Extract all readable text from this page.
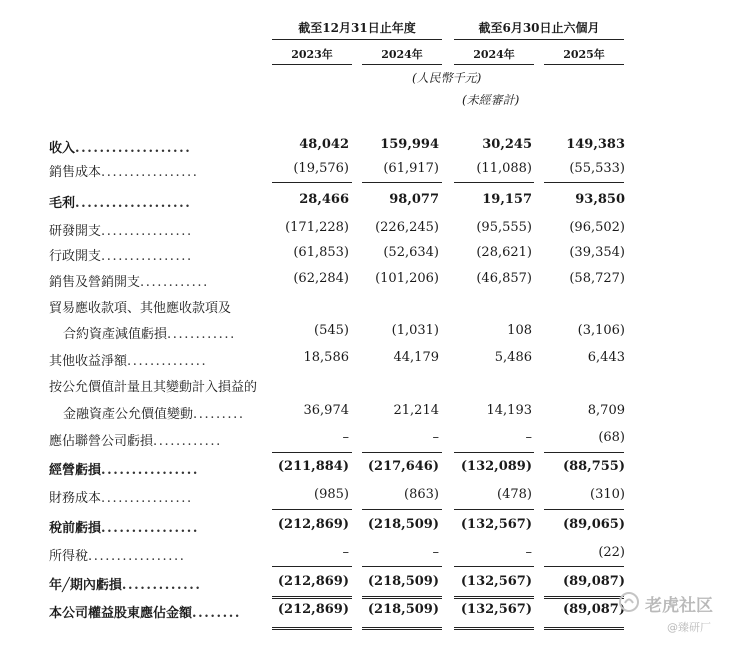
截至12月31日止年度	截至6月30日止六個月
2023年	2024年	2024年	2025年
(人民幣千元)
(未經審計)
收入...................	48,042	159,994	30,245	149,383
銷售成本.................	(19,576)	(61,917)	(11,088)	(55,533)
毛利...................	28,466	98,077	19,157	93,850
研發開支................	(171,228)	(226,245)	(95,555)	(96,502)
行政開支................	(61,853)	(52,634)	(28,621)	(39,354)
銷售及營銷開支............	(62,284)	(101,206)	(46,857)	(58,727)
貿易應收款項、其他應收款項及
合約資產減值虧損............	(545)	(1,031)	108	(3,106)
其他收益淨額..............	18,586	44,179	5,486	6,443
按公允價值計量且其變動計入損益的
金融資產公允價值變動.........	36,974	21,214	14,193	8,709
應佔聯營公司虧損............	–	–	–	(68)
經營虧損................	(211,884)	(217,646)	(132,089)	(88,755)
財務成本................	(985)	(863)	(478)	(310)
稅前虧損................	(212,869)	(218,509)	(132,567)	(89,065)
所得稅.................	–	–	–	(22)
年╱期內虧損.............	(212,869)	(218,509)	(132,567)	(89,087)
本公司權益股東應佔金額........	(212,869)	(218,509)	(132,567)	(89,087) 老虎社区
@臻研厂
